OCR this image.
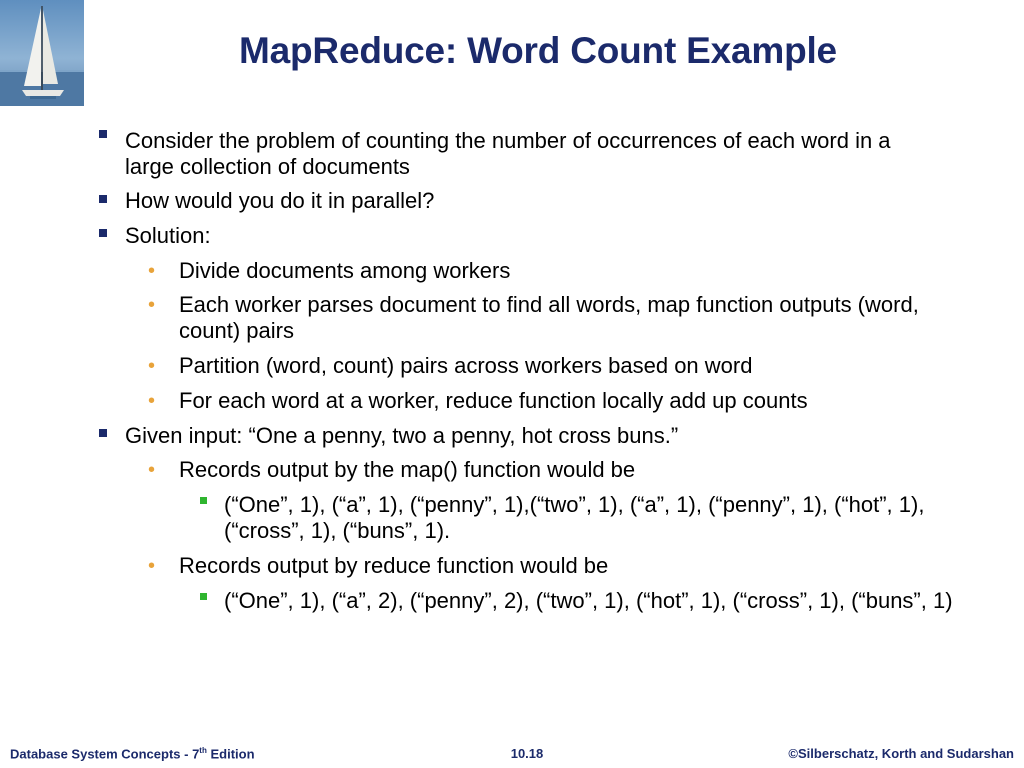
MapReduce: Word Count Example
Consider the problem of counting the number of occurrences of each word in a large collection of documents
How would you do it in parallel?
Solution:
• Divide documents among workers
• Each worker parses document to find all words, map function outputs (word, count) pairs
• Partition (word, count) pairs across workers based on word
• For each word at a worker, reduce function locally add up counts
Given input: “One a penny, two a penny, hot cross buns.”
• Records output by the map() function would be
(“One”, 1), (“a”, 1), (“penny”, 1),(“two”, 1), (“a”, 1), (“penny”, 1), (“hot”, 1), (“cross”, 1), (“buns”, 1).
• Records output by reduce function would be
(“One”, 1), (“a”, 2), (“penny”, 2), (“two”, 1), (“hot”, 1), (“cross”, 1), (“buns”, 1)
Database System Concepts - 7th Edition	10.18	©Silberschatz, Korth and Sudarshan
